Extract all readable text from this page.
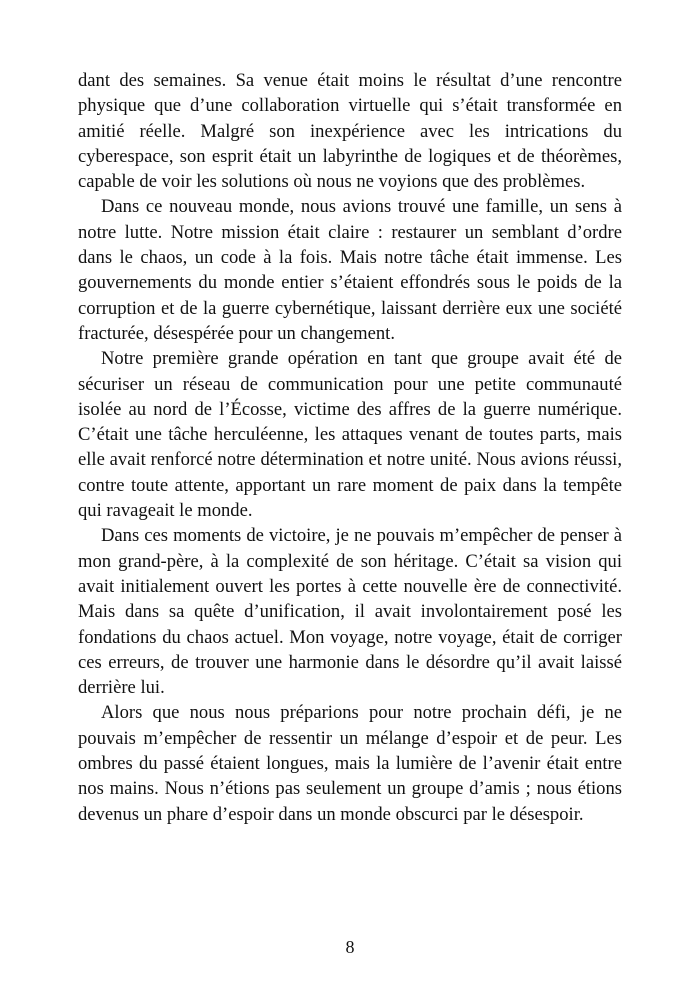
dant des semaines. Sa venue était moins le résultat d’une rencontre physique que d’une collaboration virtuelle qui s’était transformée en amitié réelle. Malgré son inexpérience avec les intrications du cyberespace, son esprit était un labyrinthe de logiques et de théorèmes, capable de voir les solutions où nous ne voyions que des problèmes.

Dans ce nouveau monde, nous avions trouvé une famille, un sens à notre lutte. Notre mission était claire : restaurer un semblant d’ordre dans le chaos, un code à la fois. Mais notre tâche était immense. Les gouvernements du monde entier s’étaient effondrés sous le poids de la corruption et de la guerre cybernétique, laissant derrière eux une société fracturée, désespérée pour un changement.

Notre première grande opération en tant que groupe avait été de sécuriser un réseau de communication pour une petite communauté isolée au nord de l’Écosse, victime des affres de la guerre numérique. C’était une tâche herculéenne, les attaques venant de toutes parts, mais elle avait renforcé notre détermination et notre unité. Nous avions réussi, contre toute attente, apportant un rare moment de paix dans la tempête qui ravageait le monde.

Dans ces moments de victoire, je ne pouvais m’empêcher de penser à mon grand-père, à la complexité de son héritage. C’était sa vision qui avait initialement ouvert les portes à cette nouvelle ère de connectivité. Mais dans sa quête d’unification, il avait involontairement posé les fondations du chaos actuel. Mon voyage, notre voyage, était de corriger ces erreurs, de trouver une harmonie dans le désordre qu’il avait laissé derrière lui.

Alors que nous nous préparions pour notre prochain défi, je ne pouvais m’empêcher de ressentir un mélange d’espoir et de peur. Les ombres du passé étaient longues, mais la lumière de l’avenir était entre nos mains. Nous n’étions pas seulement un groupe d’amis ; nous étions devenus un phare d’espoir dans un monde obscurci par le désespoir.

8
